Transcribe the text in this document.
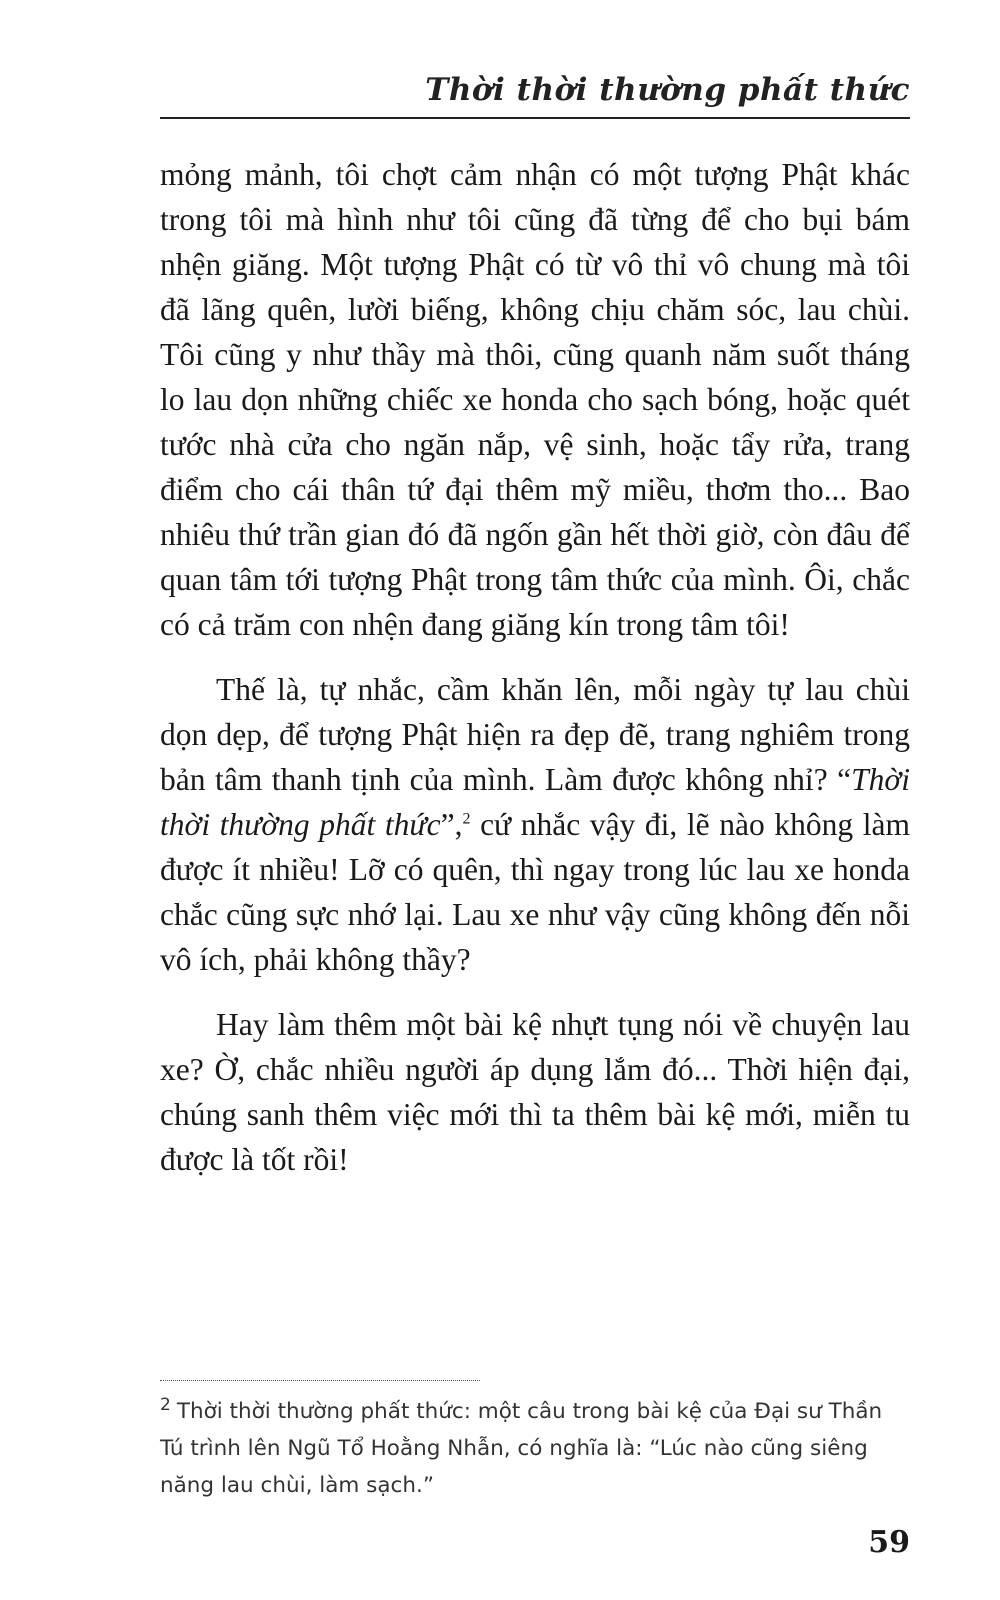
Thời thời thường phất thức

mỏng mảnh, tôi chợt cảm nhận có một tượng Phật khác trong tôi mà hình như tôi cũng đã từng để cho bụi bám nhện giăng. Một tượng Phật có từ vô thỉ vô chung mà tôi đã lãng quên, lười biếng, không chịu chăm sóc, lau chùi. Tôi cũng y như thầy mà thôi, cũng quanh năm suốt tháng lo lau dọn những chiếc xe honda cho sạch bóng, hoặc quét tước nhà cửa cho ngăn nắp, vệ sinh, hoặc tẩy rửa, trang điểm cho cái thân tứ đại thêm mỹ miều, thơm tho... Bao nhiêu thứ trần gian đó đã ngốn gần hết thời giờ, còn đâu để quan tâm tới tượng Phật trong tâm thức của mình. Ôi, chắc có cả trăm con nhện đang giăng kín trong tâm tôi!

Thế là, tự nhắc, cầm khăn lên, mỗi ngày tự lau chùi dọn dẹp, để tượng Phật hiện ra đẹp đẽ, trang nghiêm trong bản tâm thanh tịnh của mình. Làm được không nhỉ? “Thời thời thường phất thức”,$^2$ cứ nhắc vậy đi, lẽ nào không làm được ít nhiều! Lỡ có quên, thì ngay trong lúc lau xe honda chắc cũng sực nhớ lại. Lau xe như vậy cũng không đến nỗi vô ích, phải không thầy?

Hay làm thêm một bài kệ nhựt tụng nói về chuyện lau xe? Ờ, chắc nhiều người áp dụng lắm đó... Thời hiện đại, chúng sanh thêm việc mới thì ta thêm bài kệ mới, miễn tu được là tốt rồi!

$^2$ Thời thời thường phất thức: một câu trong bài kệ của Đại sư Thần Tú trình lên Ngũ Tổ Hoằng Nhẫn, có nghĩa là: “Lúc nào cũng siêng năng lau chùi, làm sạch.”

59
